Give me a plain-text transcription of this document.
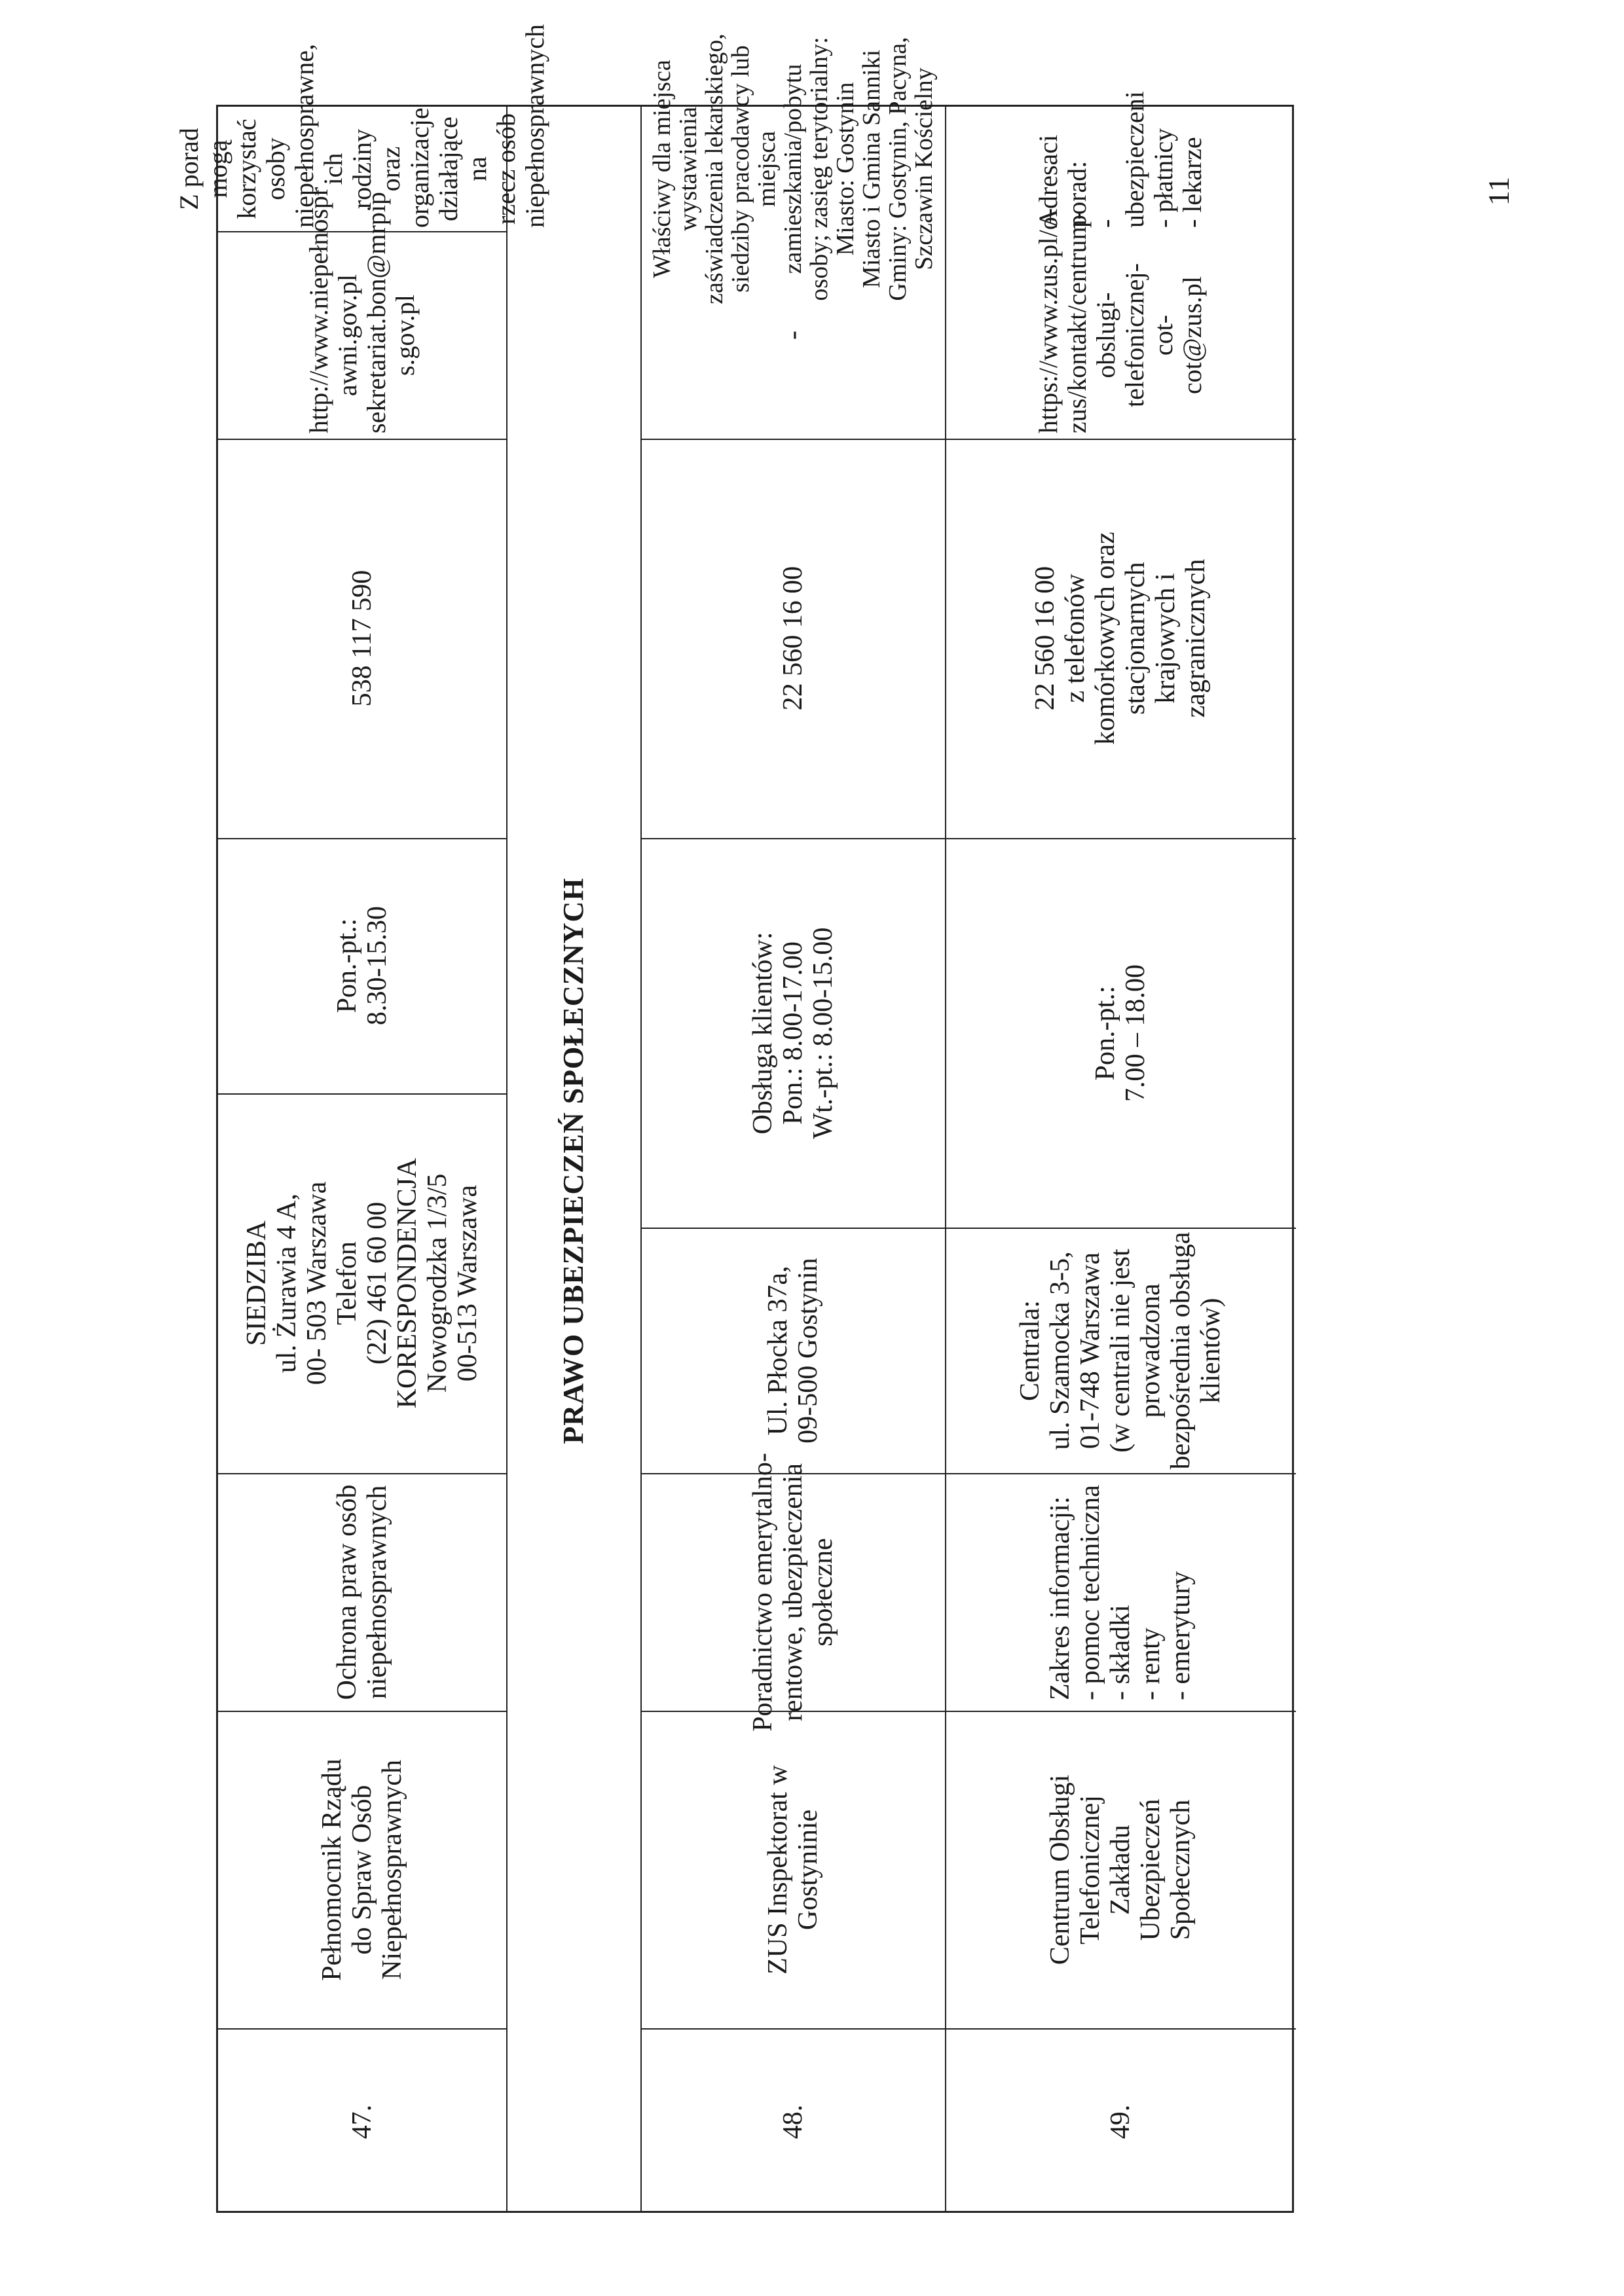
11
47.
Pełnomocnik Rządu
do Spraw Osób
Niepełnosprawnych
Ochrona praw osób
niepełnosprawnych
SIEDZIBA
ul. Żurawia 4 A,
00- 503 Warszawa
Telefon
(22) 461 60 00
KORESPONDENCJA
Nowogrodzka 1/3/5
00-513 Warszawa
Pon.-pt.:
8.30-15.30
538 117 590
http://www.niepełnospr
awni.gov.pl
sekretariat.bon@mrpip
s.gov.pl
Z porad mogą korzystać
osoby niepełnosprawne,
ich rodziny oraz
organizacje działające na
rzecz osób
niepełnosprawnych
PRAWO UBEZPIECZEŃ SPOŁECZNYCH
48.
ZUS Inspektorat w
Gostyninie
Poradnictwo emerytalno-
rentowe, ubezpieczenia
społeczne
Ul. Płocka 37a,
09-500 Gostynin
Obsługa klientów:
Pon.: 8.00-17.00
Wt.-pt.: 8.00-15.00
22 560 16 00
-
Właściwy dla miejsca
wystawienia
zaświadczenia lekarskiego,
siedziby pracodawcy lub
miejsca
zamieszkania/pobytu
osoby; zasięg terytorialny:
Miasto: Gostynin
Miasto i Gmina Sanniki
Gminy: Gostynin, Pacyna,
Szczawin Kościelny
49.
Centrum Obsługi
Telefonicznej
Zakładu
Ubezpieczeń
Społecznych
Zakres informacji:
- pomoc techniczna
- składki
- renty
- emerytury
Centrala:
ul. Szamocka 3-5,
01-748 Warszawa
(w centrali nie jest
prowadzona
bezpośrednia obsługa
klientów)
Pon.-pt.:
7.00 – 18.00
22 560 16 00
z telefonów
komórkowych oraz
stacjonarnych
krajowych i
zagranicznych
https://www.zus.pl/o-
zus/kontakt/centrum-
obslugi-telefonicznej-
cot-
cot@zus.pl
Adresaci porad:
- ubezpieczeni
- płatnicy
- lekarze
